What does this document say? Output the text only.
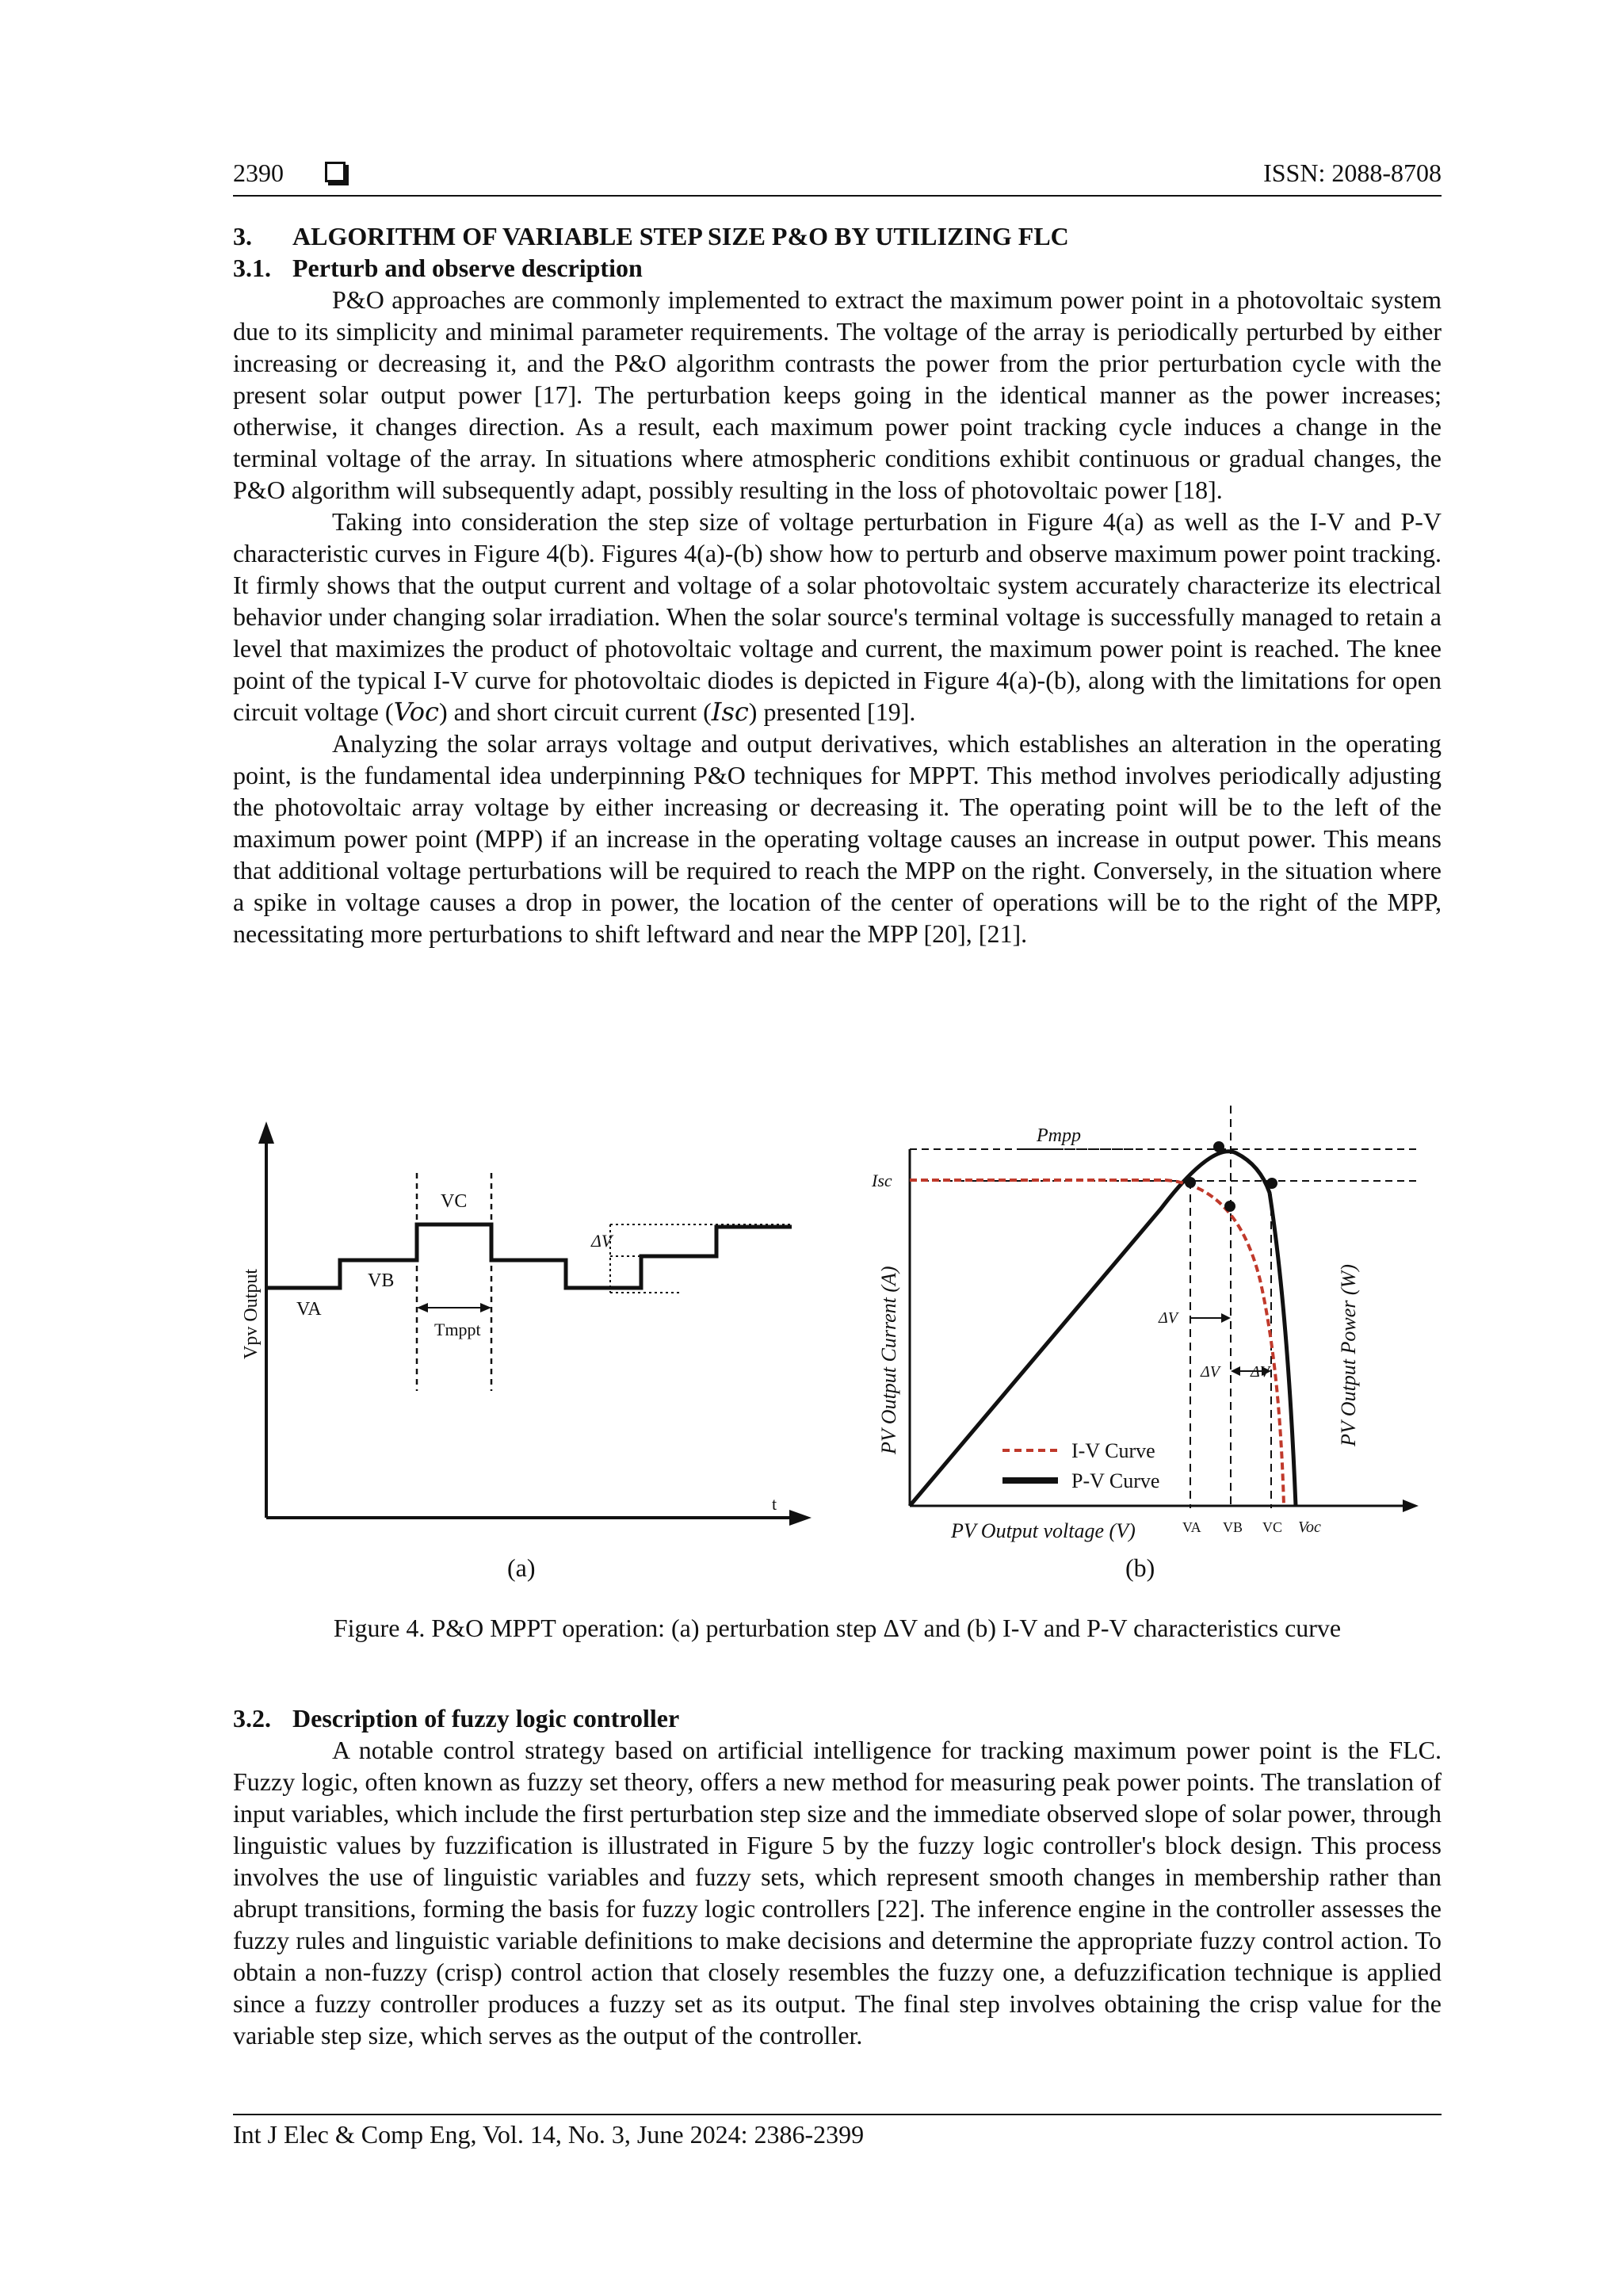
2390	ISSN: 2088-8708
3. ALGORITHM OF VARIABLE STEP SIZE P&O BY UTILIZING FLC
3.1. Perturb and observe description

P&O approaches are commonly implemented to extract the maximum power point in a photovoltaic system due to its simplicity and minimal parameter requirements. The voltage of the array is periodically perturbed by either increasing or decreasing it, and the P&O algorithm contrasts the power from the prior perturbation cycle with the present solar output power [17]. The perturbation keeps going in the identical manner as the power increases; otherwise, it changes direction. As a result, each maximum power point tracking cycle induces a change in the terminal voltage of the array. In situations where atmospheric conditions exhibit continuous or gradual changes, the P&O algorithm will subsequently adapt, possibly resulting in the loss of photovoltaic power [18].

Taking into consideration the step size of voltage perturbation in Figure 4(a) as well as the I-V and P-V characteristic curves in Figure 4(b). Figures 4(a)-(b) show how to perturb and observe maximum power point tracking. It firmly shows that the output current and voltage of a solar photovoltaic system accurately characterize its electrical behavior under changing solar irradiation. When the solar source's terminal voltage is successfully managed to retain a level that maximizes the product of photovoltaic voltage and current, the maximum power point is reached. The knee point of the typical I-V curve for photovoltaic diodes is depicted in Figure 4(a)-(b), along with the limitations for open circuit voltage (Voc) and short circuit current (Isc) presented [19].

Analyzing the solar arrays voltage and output derivatives, which establishes an alteration in the operating point, is the fundamental idea underpinning P&O techniques for MPPT. This method involves periodically adjusting the photovoltaic array voltage by either increasing or decreasing it. The operating point will be to the left of the maximum power point (MPP) if an increase in the operating voltage causes an increase in output power. This means that additional voltage perturbations will be required to reach the MPP on the right. Conversely, in the situation where a spike in voltage causes a drop in power, the location of the center of operations will be to the right of the MPP, necessitating more perturbations to shift leftward and near the MPP [20], [21].

VA
VB
VC
ΔV
Tmppt
Vpv Output
t
(a)
Pmpp
Isc
ΔV
ΔV ΔV
PV Output Current (A)	PV Output Power (W)
PV Output voltage (V)	VA VB VC Voc
I-V Curve
P-V Curve
(b)
Figure 4. P&O MPPT operation: (a) perturbation step ΔV and (b) I-V and P-V characteristics curve
3.2. Description of fuzzy logic controller

A notable control strategy based on artificial intelligence for tracking maximum power point is the FLC. Fuzzy logic, often known as fuzzy set theory, offers a new method for measuring peak power points. The translation of input variables, which include the first perturbation step size and the immediate observed slope of solar power, through linguistic values by fuzzification is illustrated in Figure 5 by the fuzzy logic controller's block design. This process involves the use of linguistic variables and fuzzy sets, which represent smooth changes in membership rather than abrupt transitions, forming the basis for fuzzy logic controllers [22]. The inference engine in the controller assesses the fuzzy rules and linguistic variable definitions to make decisions and determine the appropriate fuzzy control action. To obtain a non-fuzzy (crisp) control action that closely resembles the fuzzy one, a defuzzification technique is applied since a fuzzy controller produces a fuzzy set as its output. The final step involves obtaining the crisp value for the variable step size, which serves as the output of the controller.

Int J Elec & Comp Eng, Vol. 14, No. 3, June 2024: 2386-2399
